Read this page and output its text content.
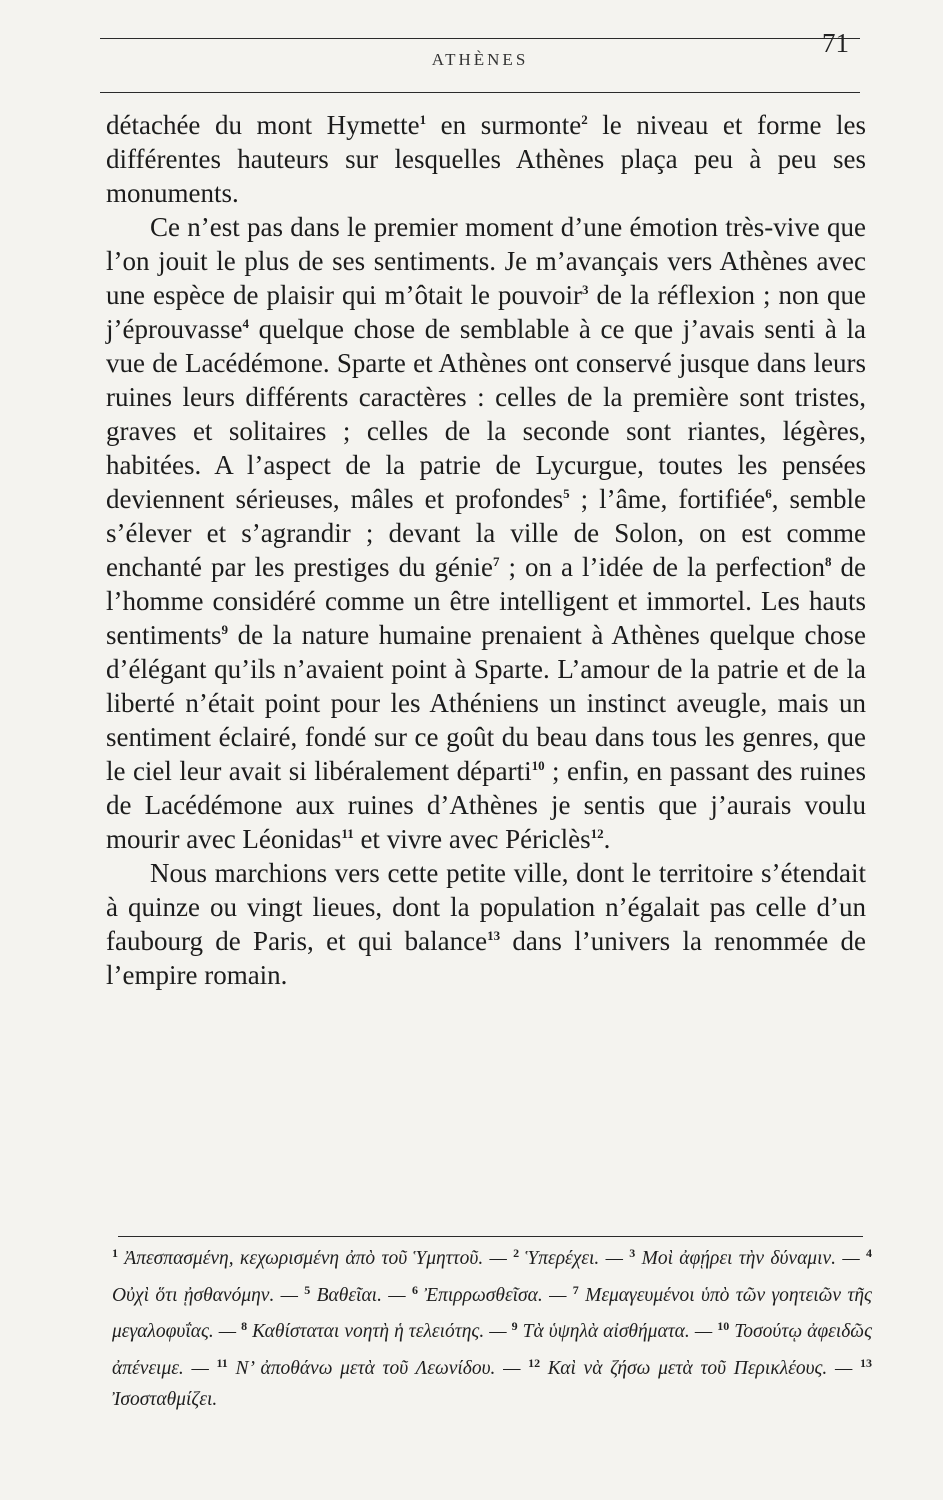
ATHÈNES
71

détachée du mont Hymette$^1$ en surmonte$^2$ le niveau et forme les différentes hauteurs sur lesquelles Athènes plaça peu à peu ses monuments.

Ce n’est pas dans le premier moment d’une émotion très-vive que l’on jouit le plus de ses sentiments. Je m’avançais vers Athènes avec une espèce de plaisir qui m’ôtait le pouvoir$^3$ de la réflexion ; non que j’éprouvasse$^4$ quelque chose de semblable à ce que j’avais senti à la vue de Lacédémone. Sparte et Athènes ont conservé jusque dans leurs ruines leurs différents caractères : celles de la première sont tristes, graves et solitaires ; celles de la seconde sont riantes, légères, habitées. A l’aspect de la patrie de Lycurgue, toutes les pensées deviennent sérieuses, mâles et profondes$^5$ ; l’âme, fortifiée$^6$, semble s’élever et s’agrandir ; devant la ville de Solon, on est comme enchanté par les prestiges du génie$^7$ ; on a l’idée de la perfection$^8$ de l’homme considéré comme un être intelligent et immortel. Les hauts sentiments$^9$ de la nature humaine prenaient à Athènes quelque chose d’élégant qu’ils n’avaient point à Sparte. L’amour de la patrie et de la liberté n’était point pour les Athéniens un instinct aveugle, mais un sentiment éclairé, fondé sur ce goût du beau dans tous les genres, que le ciel leur avait si libéralement départi$^{10}$ ; enfin, en passant des ruines de Lacédémone aux ruines d’Athènes je sentis que j’aurais voulu mourir avec Léonidas$^{11}$ et vivre avec Périclès$^{12}$.

Nous marchions vers cette petite ville, dont le territoire s’étendait à quinze ou vingt lieues, dont la population n’égalait pas celle d’un faubourg de Paris, et qui balance$^{13}$ dans l’univers la renommée de l’empire romain.

$^1$ Ἀπεσπασμένη, κεχωρισμένη ἀπὸ τοῦ Ὑμηττοῦ. — $^2$ Ὑπερέχει. — $^3$ Μοὶ ἀφῄρει τὴν δύναμιν. — $^4$ Οὐχὶ ὅτι ᾐσθανόμην. — $^5$ Βαθεῖαι. — $^6$ Ἐπιρρωσθεῖσα. — $^7$ Μεμαγευμένοι ὑπὸ τῶν γοητειῶν τῆς μεγαλοφυΐας. — $^8$ Καθίσταται νοητὴ ἡ τελειότης. — $^9$ Τὰ ὑψηλὰ αἰσθήματα. — $^{10}$ Τοσούτῳ ἀφειδῶς ἀπένειμε. — $^{11}$ Ν’ ἀποθάνω μετὰ τοῦ Λεωνίδου. — $^{12}$ Καὶ νὰ ζήσω μετὰ τοῦ Περικλέους. — $^{13}$ Ἰσοσταθμίζει.
